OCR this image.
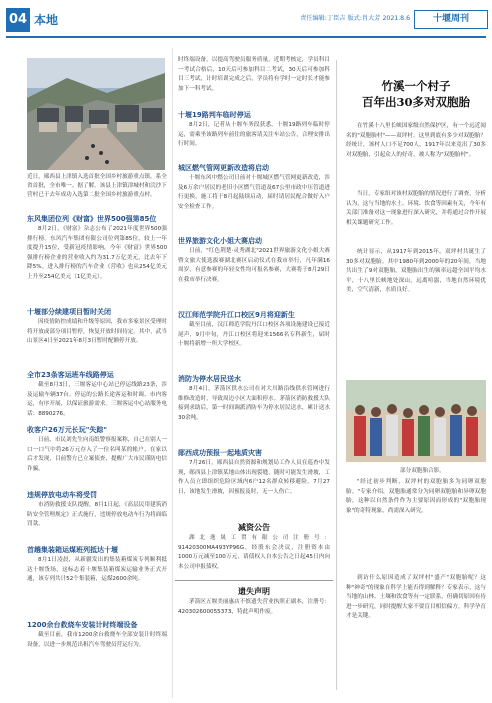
04 本地	责任编辑:丁臣吉 版式:肖大芳 2021.8.6	十堰周刊
近日，郧西县上津镇入选首批全国乡村旅游重点镇。系全省首批，全市唯一。据了解，该县上津镇津城村和浣沙下营村已于去年成功入选第二批全国乡村旅游重点村。
东风集团位列《财富》世界500强第85位

8月2日，《财富》杂志公布了2021年度世界500强排行榜。东风汽车集团有限公司位列第85位，较上一年度提升15位，受新冠疫情影响，今年《财富》世界500强排行榜企业的营业收入约为31.7万亿美元，比去年下降5%。进入排行榜的汽车企业《营收》也从254亿美元上升至254亿美元（1亿美元）。

十堰部分续建项目暂时关闭

因疫情防控成绩和升级等原因，我市多家景区受理时将开放或部分项目暂停，恢复开放时间待定。其中，武当山景区4日至2021年8月3日暂时配额停开放。

全市23条客运班车线路停运

截至8月3日，三堰客运中心站已停运线路23条，涉及运输车辆37台。停运的公路长途客运和时调、市内客运，有序开展，以保证旅游需求。三堰客运中心站服务电话：8890276。

收客户26万元长玩"失踪"

日前，市民刘先生向南纸警察报案称，自己在别人一口一口气中将26万元存入了一位名叫某的帐户，在家以后才发现，目前警方已立案侦查，提醒广大市民谨防电信诈骗。

违规停放电动车将受罚

市消防救援支队提醒，8月1日起，《高层民用建筑消防安全管理规定》正式施行，违规停放电动车行为将面临罚款。

首趟集装箱运煤班列抵达十堰

8月1日凌晨，从新疆发出的集装箱煤炭专列顺利抵达十堰货场，这标志着十堰集装箱煤炭运输业务正式开通，该专列共计52个集装箱，运煤2600余吨。

1200余台救烧车安装计时终端设备

截至目前，我市1200余台救烧车全部安装计时终端设备，以进一步规范出租汽车驾驶员营运行为。

时终端设备，以提高驾驶员服务质量。近期考核定，学员科目一考试合格后，10天后可参加科目二考试，30天后可参加科目三考试，计时培训完成之后，学员将有学时一定时长才能参加下一科考试。

十堰19路判车临时停运

8月2日，记者从十堰车务段获悉，十堰19路列车临时停运，需乘坐该路列车前往的旅客请关注车站公告，合理安排出行时间。

城区燃气管网更新改造将启动

十堰东风中燃公司日前对十堰城区燃气管网更新改造，涉及6万余户居民的老旧小区燃气管道及67公里市政中压管道进行更换，施工将于8月起陆续启动，届时请居民配合做好入户安全检查工作。

世界旅游文化小姐大赛启动

日前，"红色荆楚·灵秀湖北"2021世界旅游文化小姐大赛暨文旅大使选拔赛湖北赛区启动仪式在我市举行，凡年满16周岁，有意参赛的年轻女性均可报名参赛，大赛将于8月29日在我市举行决赛。

汉江师范学院升江口校区9月将迎新生

截至目前，汉江师范学院丹江口校区各项设施建设已接近尾声，9月中旬，丹江口校区将迎来1566名专科新生，届时十堰将新增一所大学校区。

消防为停水居民送水

8月4日，茅箭区供水公司在对大川路沿线供水管网进行维修改造时，导致周边小区大面积停水。茅箭区消防救援大队接到求助后，第一时间调派消防车为停水居民送水，累计送水30余吨。

郧西成功预报一起地质灾害

7月26日，郧西县自然资源和规划局工作人员在巡查中发现，郧西县上津镇某地山体出现裂缝，随时可能发生滑坡，工作人员立即组织危险区域内6户12名群众转移避险。7月27日，该地发生滑坡，因预报及时，无一人伤亡。

减资公告

湖北逸晟工贸有限公司注册号：91420300MA493YP96G，经股东会决议，注册资本由1000万元减至100万元，请债权人自本公告之日起45日内向本公司申报债权。

遗失声明

茅箭区五堰美丽惠店不慎遗失营业执照正副本，注册号：420302600055373，特此声明作废。

竹溪一个村子
百年出30多对双胞胎

在竹溪十八里长峡国家级自然保护区，有一个远近闻名的"双胞胎村"——双坪村。这里到底有多少对双胞胎？经统计，该村人口不足700人，1917年以来竟出了30多对双胞胎，引起众人的好奇，被人称为"双胞胎村"。

当日，专家组对该村双胞胎的情况进行了调查，分析认为，这与当地的水土、环境、饮食等因素有关，今年有关部门准备对这一现象进行深入研究，并将通过合作开展相关课题研究工作。

统计显示，从1917年到2015年，双坪村共诞生了30多对双胞胎。其中1980年到2000年的20年间，当地共出生了9对双胞胎，双胞胎出生的频率远超全国平均水平，十八里长峡地处深山，远离喧嚣，当地自然环境优美，空气清新，水质良好。

部分双胞胎合影。

"经过初步判断，双坪村的双胞胎多为同卵双胞胎。"专家介绍，双胞胎通常分为同卵双胞胎和异卵双胞胎，这种以自然条件作为主要原因而形成的"双胞胎现象"的奇特现象，尚需深入研究。

到访什么原因造成了双坪村"盛产"双胞胎呢？这种"神奇"的现象在科学上能否得到解释？专家表示，这与当地的山林、土壤和饮食等有一定联系，但确切原因有待进一步研究，同时提醒大家不要盲目相信偏方，科学孕育才是关键。
